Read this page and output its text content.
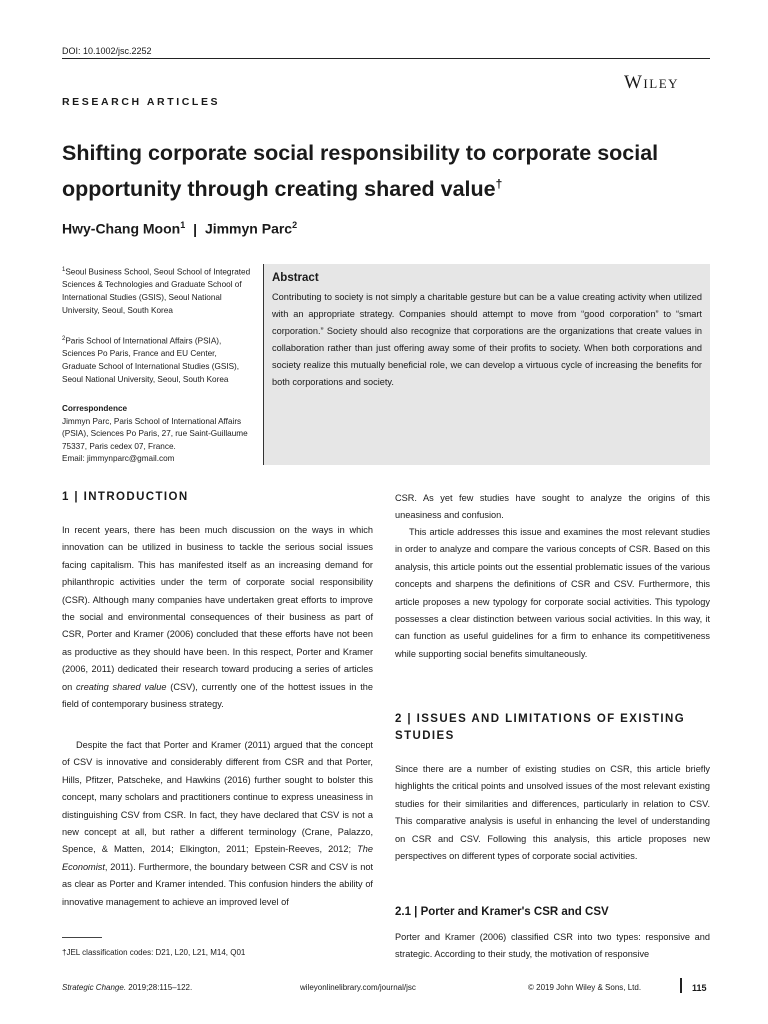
DOI: 10.1002/jsc.2252
Wiley
RESEARCH ARTICLES
Shifting corporate social responsibility to corporate social
opportunity through creating shared value†
Hwy-Chang Moon$^1$ | Jimmyn Parc$^2$
$^1$Seoul Business School, Seoul School of Integrated Sciences & Technologies and Graduate School of International Studies (GSIS), Seoul National University, Seoul, South Korea
$^2$Paris School of International Affairs (PSIA), Sciences Po Paris, France and EU Center, Graduate School of International Studies (GSIS), Seoul National University, Seoul, South Korea
Correspondence
Jimmyn Parc, Paris School of International Affairs (PSIA), Sciences Po Paris, 27, rue Saint-Guillaume 75337, Paris cedex 07, France.
Email: jimmynparc@gmail.com
Abstract
Contributing to society is not simply a charitable gesture but can be a value creating activity when utilized with an appropriate strategy. Companies should attempt to move from “good corporation” to “smart corporation.” Society should also recognize that corporations are the organizations that create values in collaboration rather than just offering away some of their profits to society. When both corporations and society realize this mutually beneficial role, we can develop a virtuous cycle of increasing the benefits for both corporations and society.
1 | INTRODUCTION
In recent years, there has been much discussion on the ways in which innovation can be utilized in business to tackle the serious social issues facing capitalism. This has manifested itself as an increasing demand for philanthropic activities under the term of corporate social responsibility (CSR). Although many companies have undertaken great efforts to improve the social and environmental consequences of their business as part of CSR, Porter and Kramer (2006) concluded that these efforts have not been as productive as they should have been. In this respect, Porter and Kramer (2006, 2011) dedicated their research toward producing a series of articles on creating shared value (CSV), currently one of the hottest issues in the field of contemporary business strategy.
Despite the fact that Porter and Kramer (2011) argued that the concept of CSV is innovative and considerably different from CSR and that Porter, Hills, Pfitzer, Patscheke, and Hawkins (2016) further sought to bolster this concept, many scholars and practitioners continue to express uneasiness in distinguishing CSV from CSR. In fact, they have declared that CSV is not a new concept at all, but rather a different terminology (Crane, Palazzo, Spence, & Matten, 2014; Elkington, 2011; Epstein-Reeves, 2012; The Economist, 2011). Furthermore, the boundary between CSR and CSV is not as clear as Porter and Kramer intended. This confusion hinders the ability of innovative management to achieve an improved level of
†JEL classification codes: D21, L20, L21, M14, Q01
CSR. As yet few studies have sought to analyze the origins of this uneasiness and confusion.
This article addresses this issue and examines the most relevant studies in order to analyze and compare the various concepts of CSR. Based on this analysis, this article points out the essential problematic issues of the various concepts and sharpens the definitions of CSR and CSV. Furthermore, this article proposes a new typology for corporate social activities. This typology possesses a clear distinction between various social activities. In this way, it can function as useful guidelines for a firm to enhance its competitiveness while supporting social benefits simultaneously.
2 | ISSUES AND LIMITATIONS OF EXISTING STUDIES
Since there are a number of existing studies on CSR, this article briefly highlights the critical points and unsolved issues of the most relevant existing studies for their similarities and differences, particularly in relation to CSV. This comparative analysis is useful in enhancing the level of understanding on CSR and CSV. Following this analysis, this article proposes new perspectives on different types of corporate social activities.
2.1 | Porter and Kramer's CSR and CSV
Porter and Kramer (2006) classified CSR into two types: responsive and strategic. According to their study, the motivation of responsive
Strategic Change. 2019;28:115–122.	wileyonlinelibrary.com/journal/jsc	© 2019 John Wiley & Sons, Ltd.	115
